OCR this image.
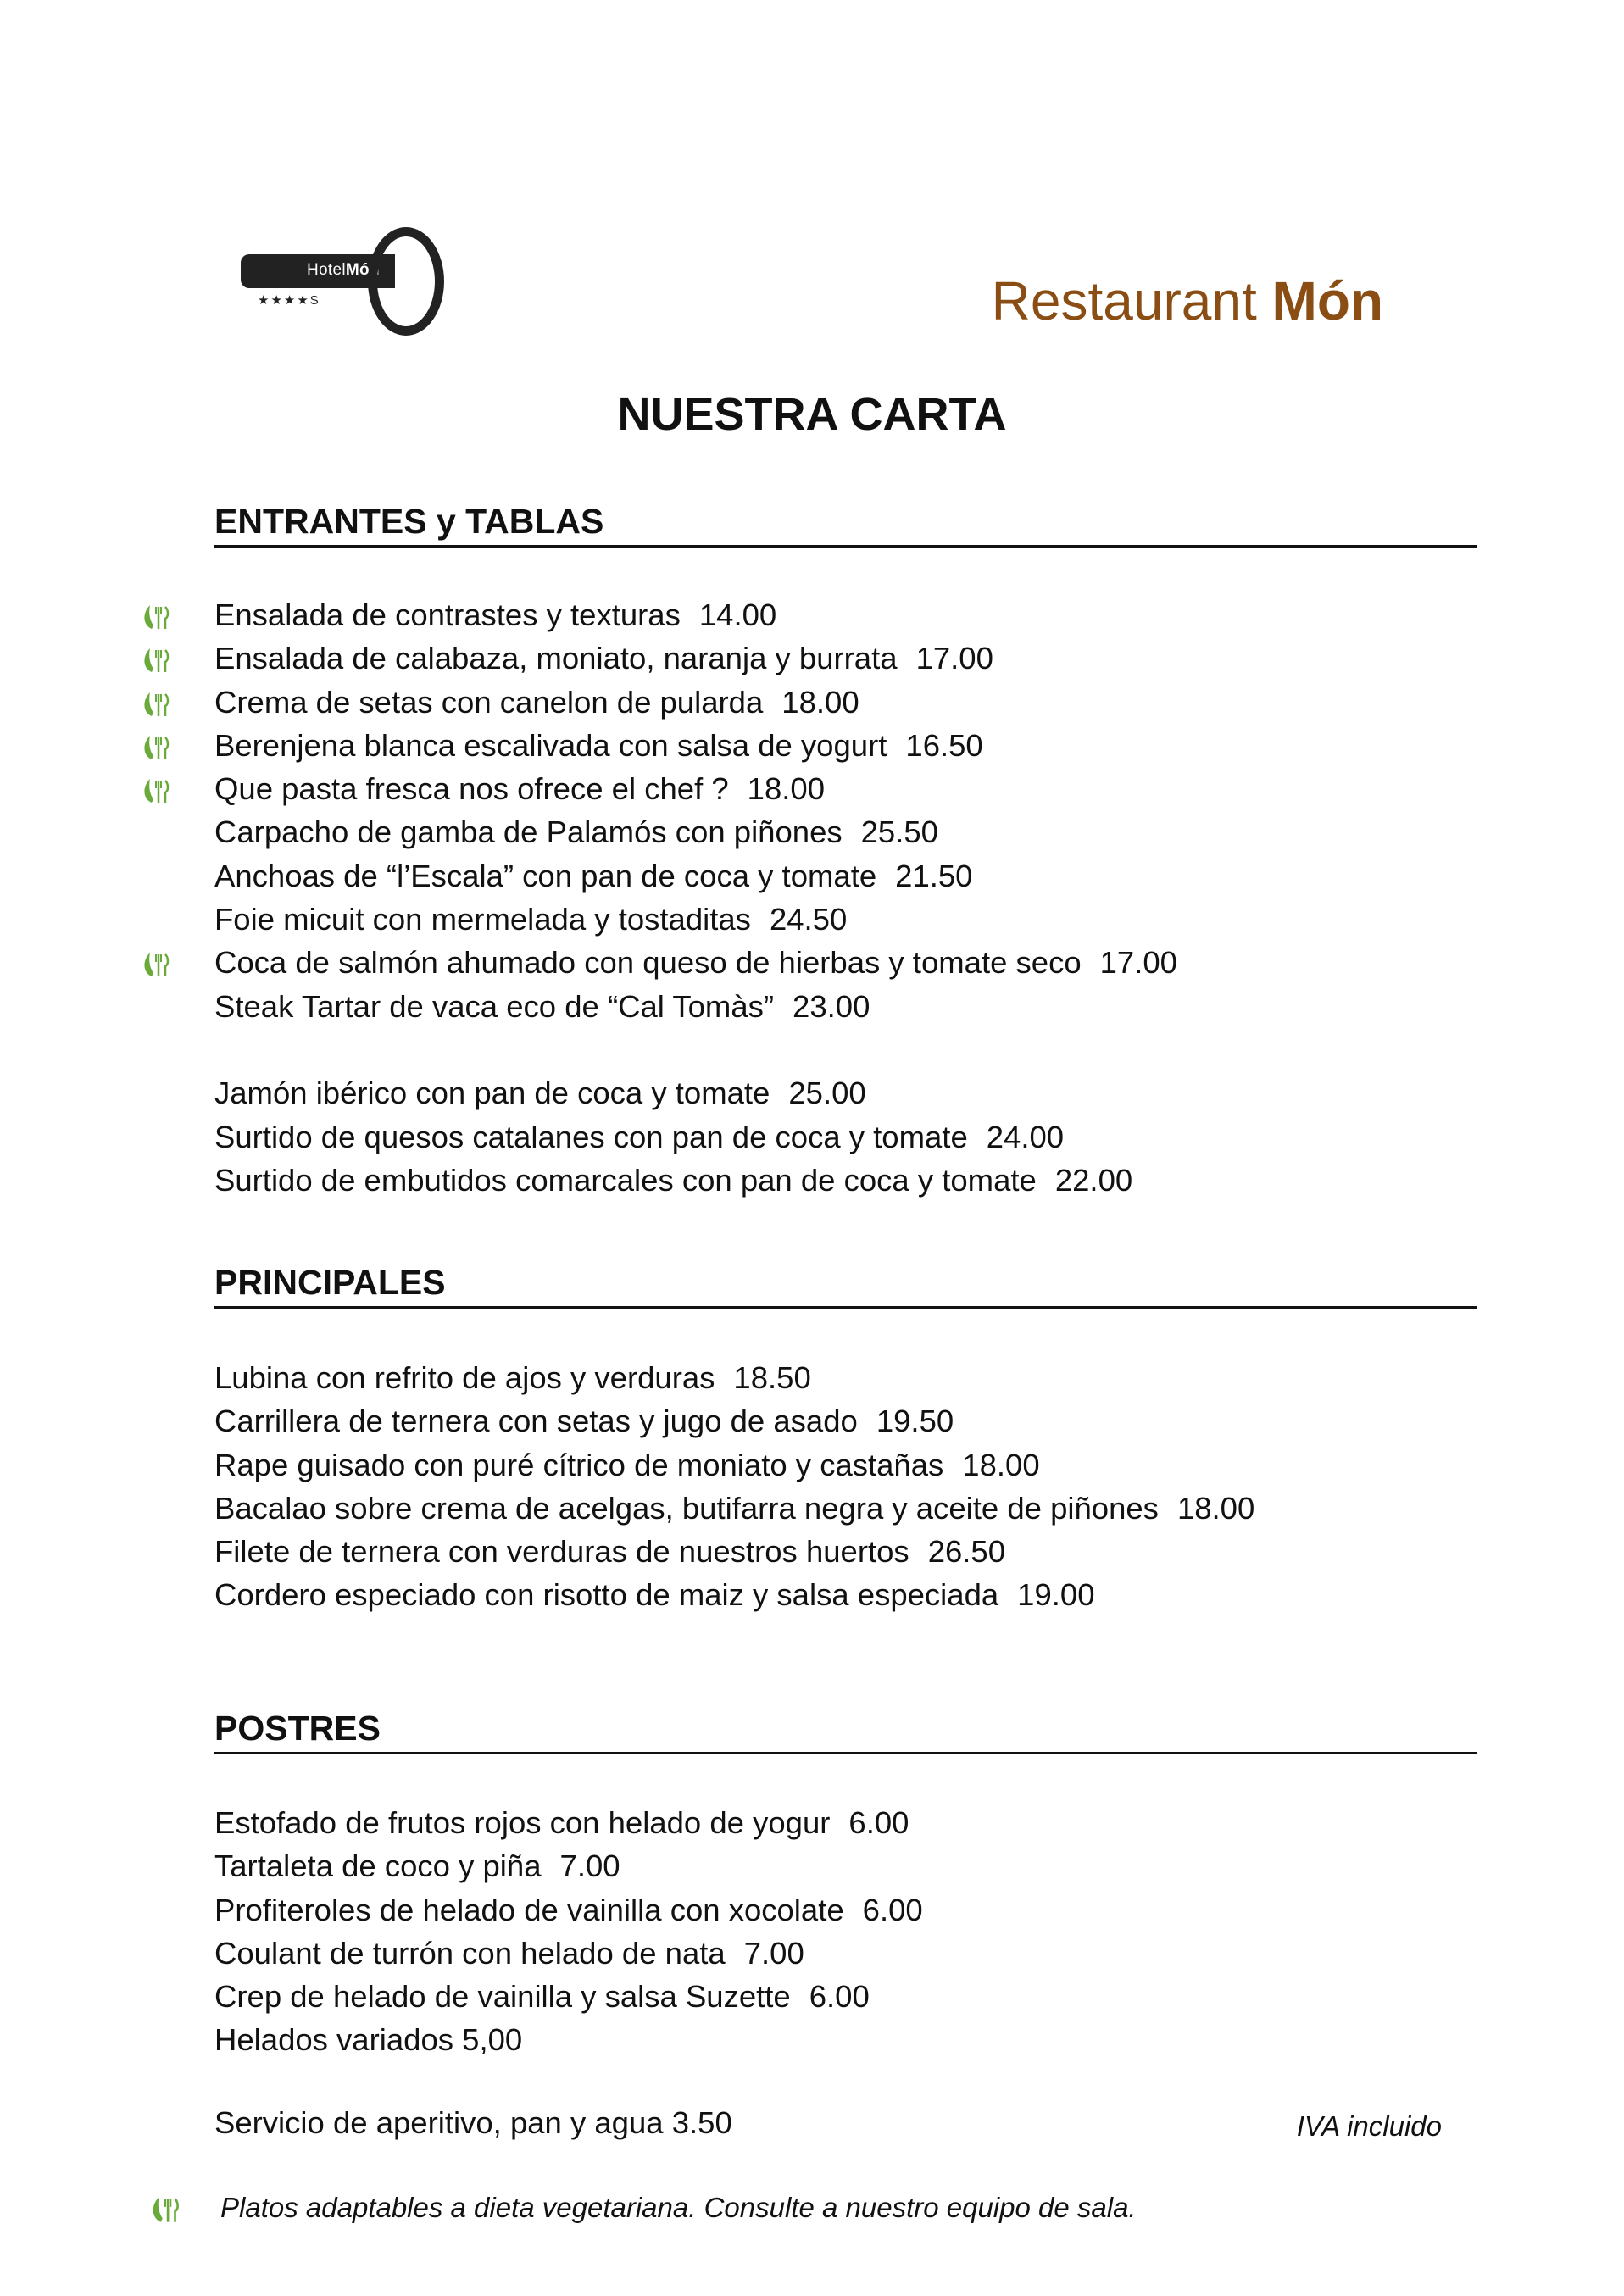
HotelMón
★★★★S	Restaurant Món
NUESTRA CARTA
ENTRANTES y TABLAS
Ensalada de contrastes y texturas 14.00
Ensalada de calabaza, moniato, naranja y burrata 17.00
Crema de setas con canelon de pularda 18.00
Berenjena blanca escalivada con salsa de yogurt 16.50
Que pasta fresca nos ofrece el chef ? 18.00
Carpacho de gamba de Palamós con piñones 25.50
Anchoas de “l’Escala” con pan de coca y tomate 21.50
Foie micuit con mermelada y tostaditas 24.50
Coca de salmón ahumado con queso de hierbas y tomate seco 17.00
Steak Tartar de vaca eco de “Cal Tomàs” 23.00
Jamón ibérico con pan de coca y tomate 25.00
Surtido de quesos catalanes con pan de coca y tomate 24.00
Surtido de embutidos comarcales con pan de coca y tomate 22.00
PRINCIPALES
Lubina con refrito de ajos y verduras 18.50
Carrillera de ternera con setas y jugo de asado 19.50
Rape guisado con puré cítrico de moniato y castañas 18.00
Bacalao sobre crema de acelgas, butifarra negra y aceite de piñones 18.00
Filete de ternera con verduras de nuestros huertos 26.50
Cordero especiado con risotto de maiz y salsa especiada 19.00
POSTRES
Estofado de frutos rojos con helado de yogur 6.00
Tartaleta de coco y piña 7.00
Profiteroles de helado de vainilla con xocolate 6.00
Coulant de turrón con helado de nata 7.00
Crep de helado de vainilla y salsa Suzette 6.00
Helados variados 5,00
Servicio de aperitivo, pan y agua 3.50	IVA incluido
Platos adaptables a dieta vegetariana. Consulte a nuestro equipo de sala.
